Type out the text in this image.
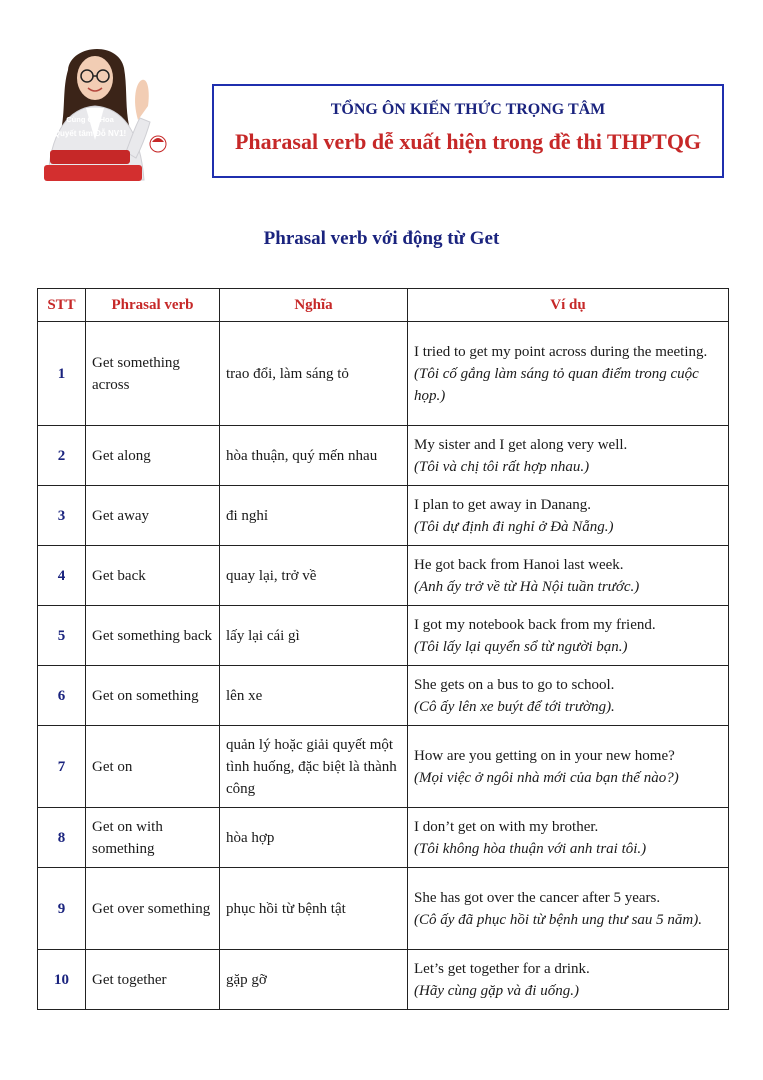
Cùng Cô Hoa
Quyết tâm Đỗ NV1!
TỔNG ÔN KIẾN THỨC TRỌNG TÂM
Pharasal verb dễ xuất hiện trong đề thi THPTQG
Phrasal verb với động từ Get
STT	Phrasal verb	Nghĩa	Ví dụ
1	Get something across	trao đổi, làm sáng tỏ	I tried to get my point across during the meeting.
(Tôi cố gắng làm sáng tỏ quan điểm trong cuộc họp.)

2	Get along	hòa thuận, quý mến nhau	My sister and I get along very well.
(Tôi và chị tôi rất hợp nhau.)

3	Get away	đi nghỉ	I plan to get away in Danang.
(Tôi dự định đi nghỉ ở Đà Nẵng.)

4	Get back	quay lại, trở về	He got back from Hanoi last week.
(Anh ấy trở về từ Hà Nội tuần trước.)

5	Get something back	lấy lại cái gì	I got my notebook back from my friend.
(Tôi lấy lại quyển sổ từ người bạn.)

6	Get on something	lên xe	She gets on a bus to go to school.
(Cô ấy lên xe buýt để tới trường).

7	Get on	quản lý hoặc giải quyết một tình huống, đặc biệt là thành công	How are you getting on in your new home?
(Mọi việc ở ngôi nhà mới của bạn thế nào?)

8	Get on with something	hòa hợp	I don’t get on with my brother.
(Tôi không hòa thuận với anh trai tôi.)

9	Get over something	phục hồi từ bệnh tật	She has got over the cancer after 5 years.
(Cô ấy đã phục hồi từ bệnh ung thư sau 5 năm).

10	Get together	gặp gỡ	Let’s get together for a drink.
(Hãy cùng gặp và đi uống.)
